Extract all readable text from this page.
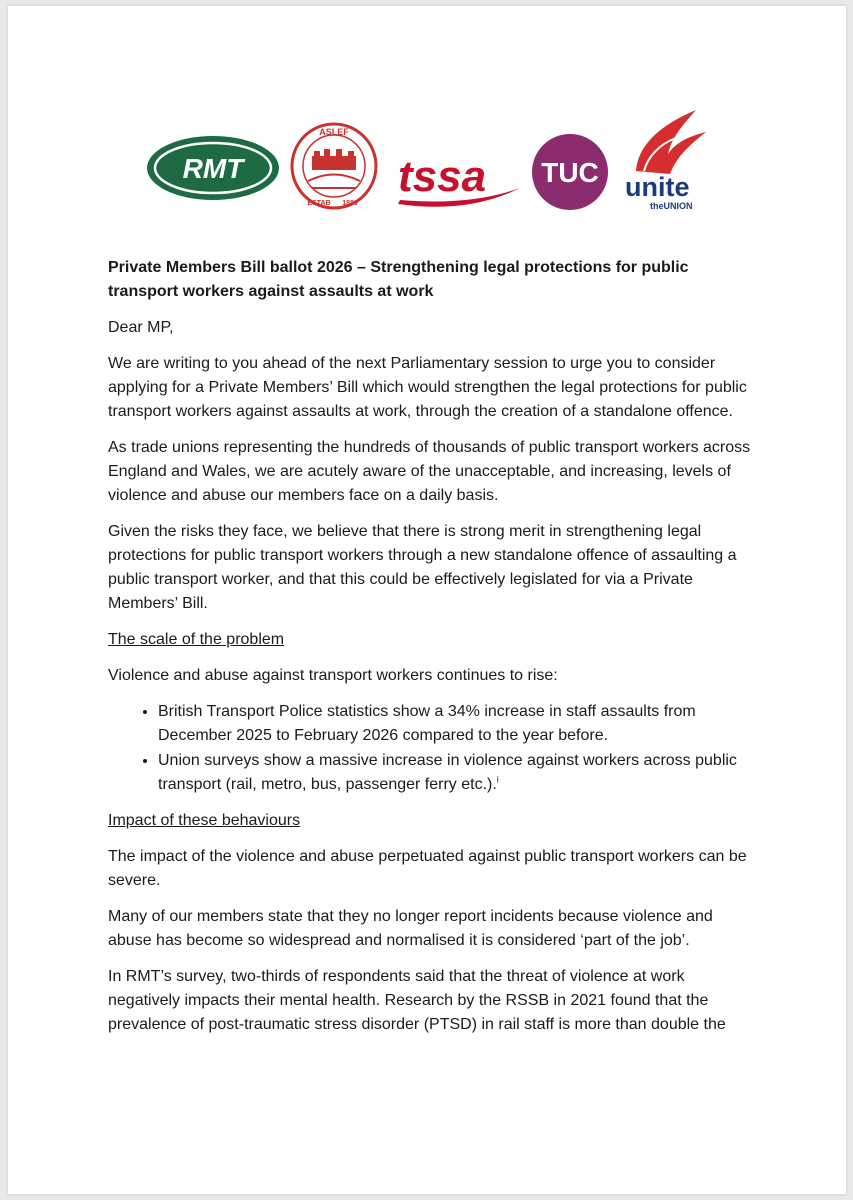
RMT
ASLEF
ESTAB 1880
tssa TUC unite
theUNION

Private Members Bill ballot 2026 – Strengthening legal protections for public transport workers against assaults at work

Dear MP,

We are writing to you ahead of the next Parliamentary session to urge you to consider applying for a Private Members’ Bill which would strengthen the legal protections for public transport workers against assaults at work, through the creation of a standalone offence.

As trade unions representing the hundreds of thousands of public transport workers across England and Wales, we are acutely aware of the unacceptable, and increasing, levels of violence and abuse our members face on a daily basis.

Given the risks they face, we believe that there is strong merit in strengthening legal protections for public transport workers through a new standalone offence of assaulting a public transport worker, and that this could be effectively legislated for via a Private Members’ Bill.

The scale of the problem

Violence and abuse against transport workers continues to rise:

• British Transport Police statistics show a 34% increase in staff assaults from December 2025 to February 2026 compared to the year before.
• Union surveys show a massive increase in violence against workers across public transport (rail, metro, bus, passenger ferry etc.).$^i$

Impact of these behaviours

The impact of the violence and abuse perpetuated against public transport workers can be severe.

Many of our members state that they no longer report incidents because violence and abuse has become so widespread and normalised it is considered ‘part of the job’.

In RMT’s survey, two-thirds of respondents said that the threat of violence at work negatively impacts their mental health. Research by the RSSB in 2021 found that the prevalence of post-traumatic stress disorder (PTSD) in rail staff is more than double the
